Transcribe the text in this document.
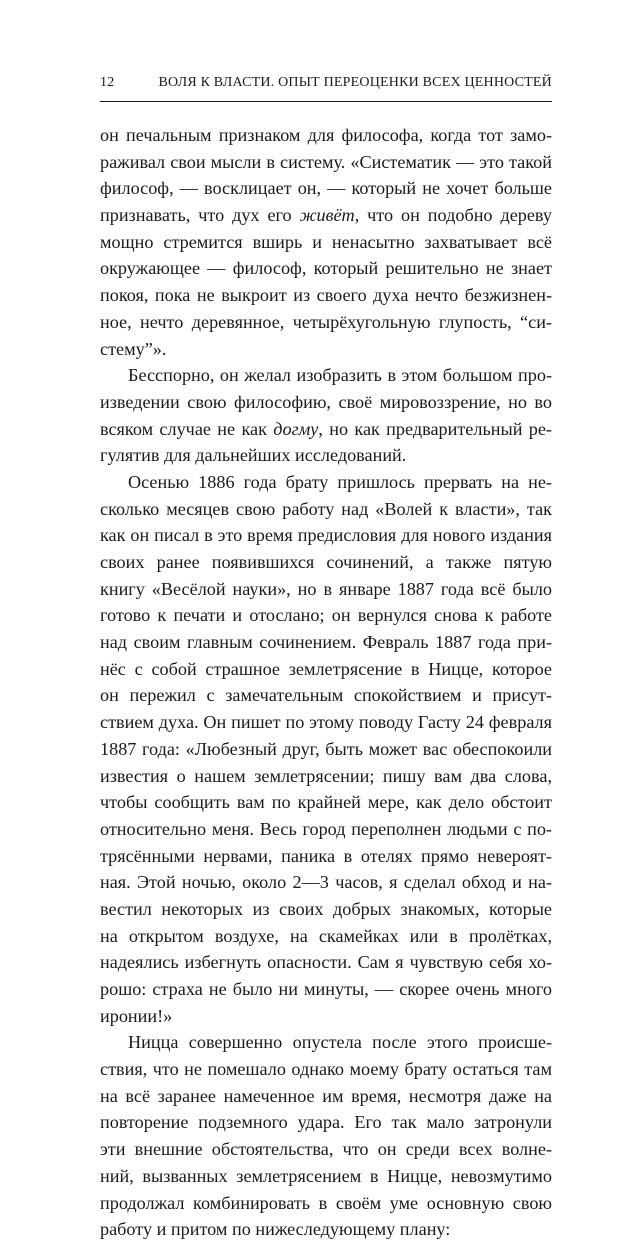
12	ВОЛЯ К ВЛАСТИ. ОПЫТ ПЕРЕОЦЕНКИ ВСЕХ ЦЕННОСТЕЙ
он печальным признаком для философа, когда тот замо-
раживал свои мысли в систему. «Систематик — это такой
философ, — восклицает он, — который не хочет больше
признавать, что дух его живёт, что он подобно дереву
мощно стремится вширь и ненасытно захватывает всё
окружающее — философ, который решительно не знает
покоя, пока не выкроит из своего духа нечто безжизнен-
ное, нечто деревянное, четырёхугольную глупость, “си-
стему”».
Бесспорно, он желал изобразить в этом большом про-
изведении свою философию, своё мировоззрение, но во
всяком случае не как догму, но как предварительный ре-
гулятив для дальнейших исследований.
Осенью 1886 года брату пришлось прервать на не-
сколько месяцев свою работу над «Волей к власти», так
как он писал в это время предисловия для нового издания
своих ранее появившихся сочинений, а также пятую
книгу «Весёлой науки», но в январе 1887 года всё было
готово к печати и отослано; он вернулся снова к работе
над своим главным сочинением. Февраль 1887 года при-
нёс с собой страшное землетрясение в Ницце, которое
он пережил с замечательным спокойствием и присут-
ствием духа. Он пишет по этому поводу Гасту 24 февраля
1887 года: «Любезный друг, быть может вас обеспокоили
известия о нашем землетрясении; пишу вам два слова,
чтобы сообщить вам по крайней мере, как дело обстоит
относительно меня. Весь город переполнен людьми с по-
трясёнными нервами, паника в отелях прямо невероят-
ная. Этой ночью, около 2—3 часов, я сделал обход и на-
вестил некоторых из своих добрых знакомых, которые
на открытом воздухе, на скамейках или в пролётках,
надеялись избегнуть опасности. Сам я чувствую себя хо-
рошо: страха не было ни минуты, — скорее очень много
иронии!»
Ницца совершенно опустела после этого происше-
ствия, что не помешало однако моему брату остаться там
на всё заранее намеченное им время, несмотря даже на
повторение подземного удара. Его так мало затронули
эти внешние обстоятельства, что он среди всех волне-
ний, вызванных землетрясением в Ницце, невозмутимо
продолжал комбинировать в своём уме основную свою
работу и притом по нижеследующему плану:
